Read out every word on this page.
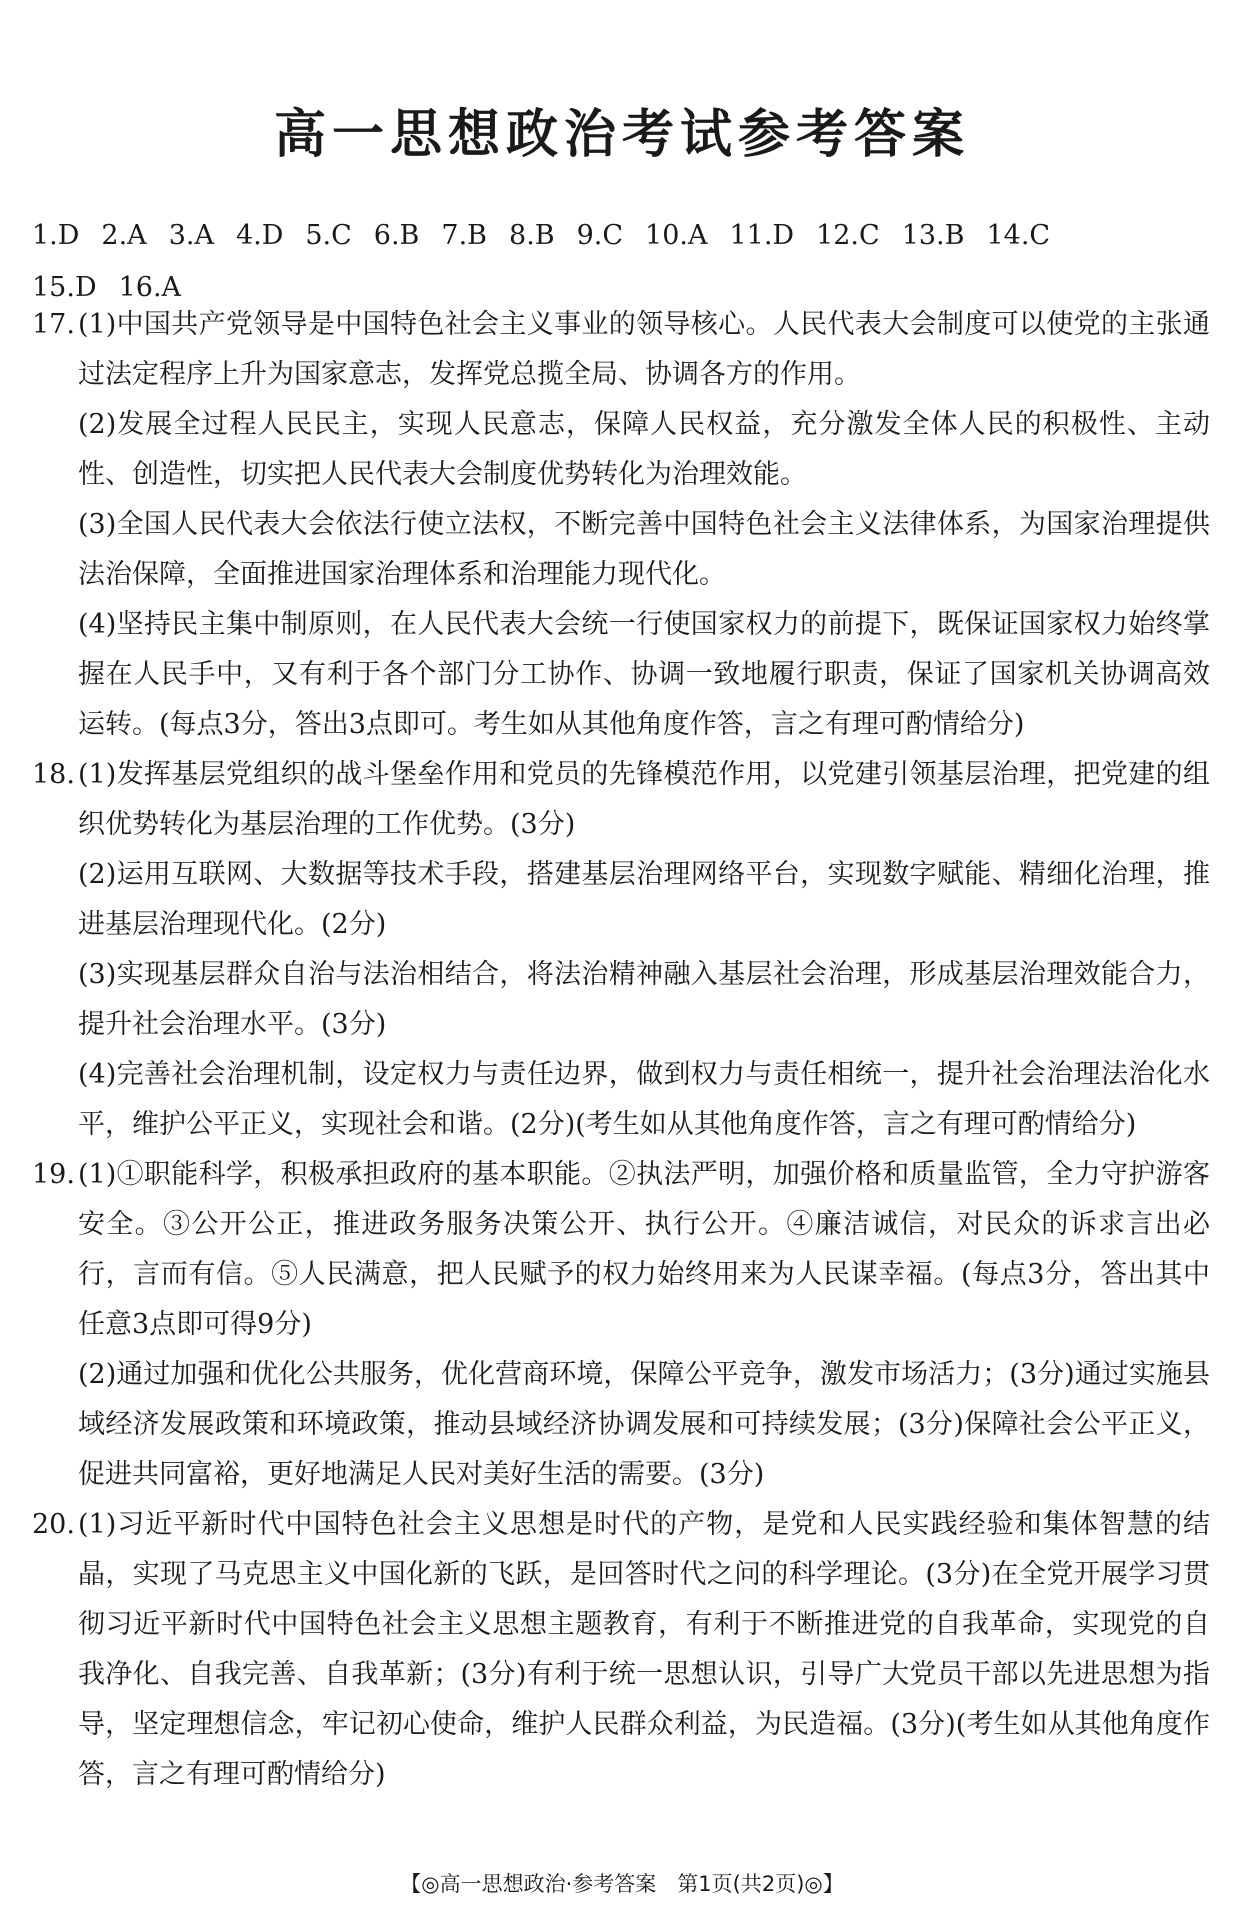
高一思想政治考试参考答案
1.D 2.A 3.A 4.D 5.C 6.B 7.B 8.B 9.C 10.A 11.D 12.C 13.B 14.C
15.D 16.A
17. (1)中国共产党领导是中国特色社会主义事业的领导核心。人民代表大会制度可以使党的主张通过法定程序上升为国家意志，发挥党总揽全局、协调各方的作用。
(2)发展全过程人民民主，实现人民意志，保障人民权益，充分激发全体人民的积极性、主动性、创造性，切实把人民代表大会制度优势转化为治理效能。
(3)全国人民代表大会依法行使立法权，不断完善中国特色社会主义法律体系，为国家治理提供法治保障，全面推进国家治理体系和治理能力现代化。
(4)坚持民主集中制原则，在人民代表大会统一行使国家权力的前提下，既保证国家权力始终掌握在人民手中，又有利于各个部门分工协作、协调一致地履行职责，保证了国家机关协调高效运转。(每点3分，答出3点即可。考生如从其他角度作答，言之有理可酌情给分)
18. (1)发挥基层党组织的战斗堡垒作用和党员的先锋模范作用，以党建引领基层治理，把党建的组织优势转化为基层治理的工作优势。(3分)
(2)运用互联网、大数据等技术手段，搭建基层治理网络平台，实现数字赋能、精细化治理，推进基层治理现代化。(2分)
(3)实现基层群众自治与法治相结合，将法治精神融入基层社会治理，形成基层治理效能合力，提升社会治理水平。(3分)
(4)完善社会治理机制，设定权力与责任边界，做到权力与责任相统一，提升社会治理法治化水平，维护公平正义，实现社会和谐。(2分)(考生如从其他角度作答，言之有理可酌情给分)
19. (1)①职能科学，积极承担政府的基本职能。②执法严明，加强价格和质量监管，全力守护游客安全。③公开公正，推进政务服务决策公开、执行公开。④廉洁诚信，对民众的诉求言出必行，言而有信。⑤人民满意，把人民赋予的权力始终用来为人民谋幸福。(每点3分，答出其中任意3点即可得9分)
(2)通过加强和优化公共服务，优化营商环境，保障公平竞争，激发市场活力；(3分)通过实施县域经济发展政策和环境政策，推动县域经济协调发展和可持续发展；(3分)保障社会公平正义，促进共同富裕，更好地满足人民对美好生活的需要。(3分)
20. (1)习近平新时代中国特色社会主义思想是时代的产物，是党和人民实践经验和集体智慧的结晶，实现了马克思主义中国化新的飞跃，是回答时代之问的科学理论。(3分)在全党开展学习贯彻习近平新时代中国特色社会主义思想主题教育，有利于不断推进党的自我革命，实现党的自我净化、自我完善、自我革新；(3分)有利于统一思想认识，引导广大党员干部以先进思想为指导，坚定理想信念，牢记初心使命，维护人民群众利益，为民造福。(3分)(考生如从其他角度作答，言之有理可酌情给分)
【◎高一思想政治·参考答案　第1页(共2页)◎】
